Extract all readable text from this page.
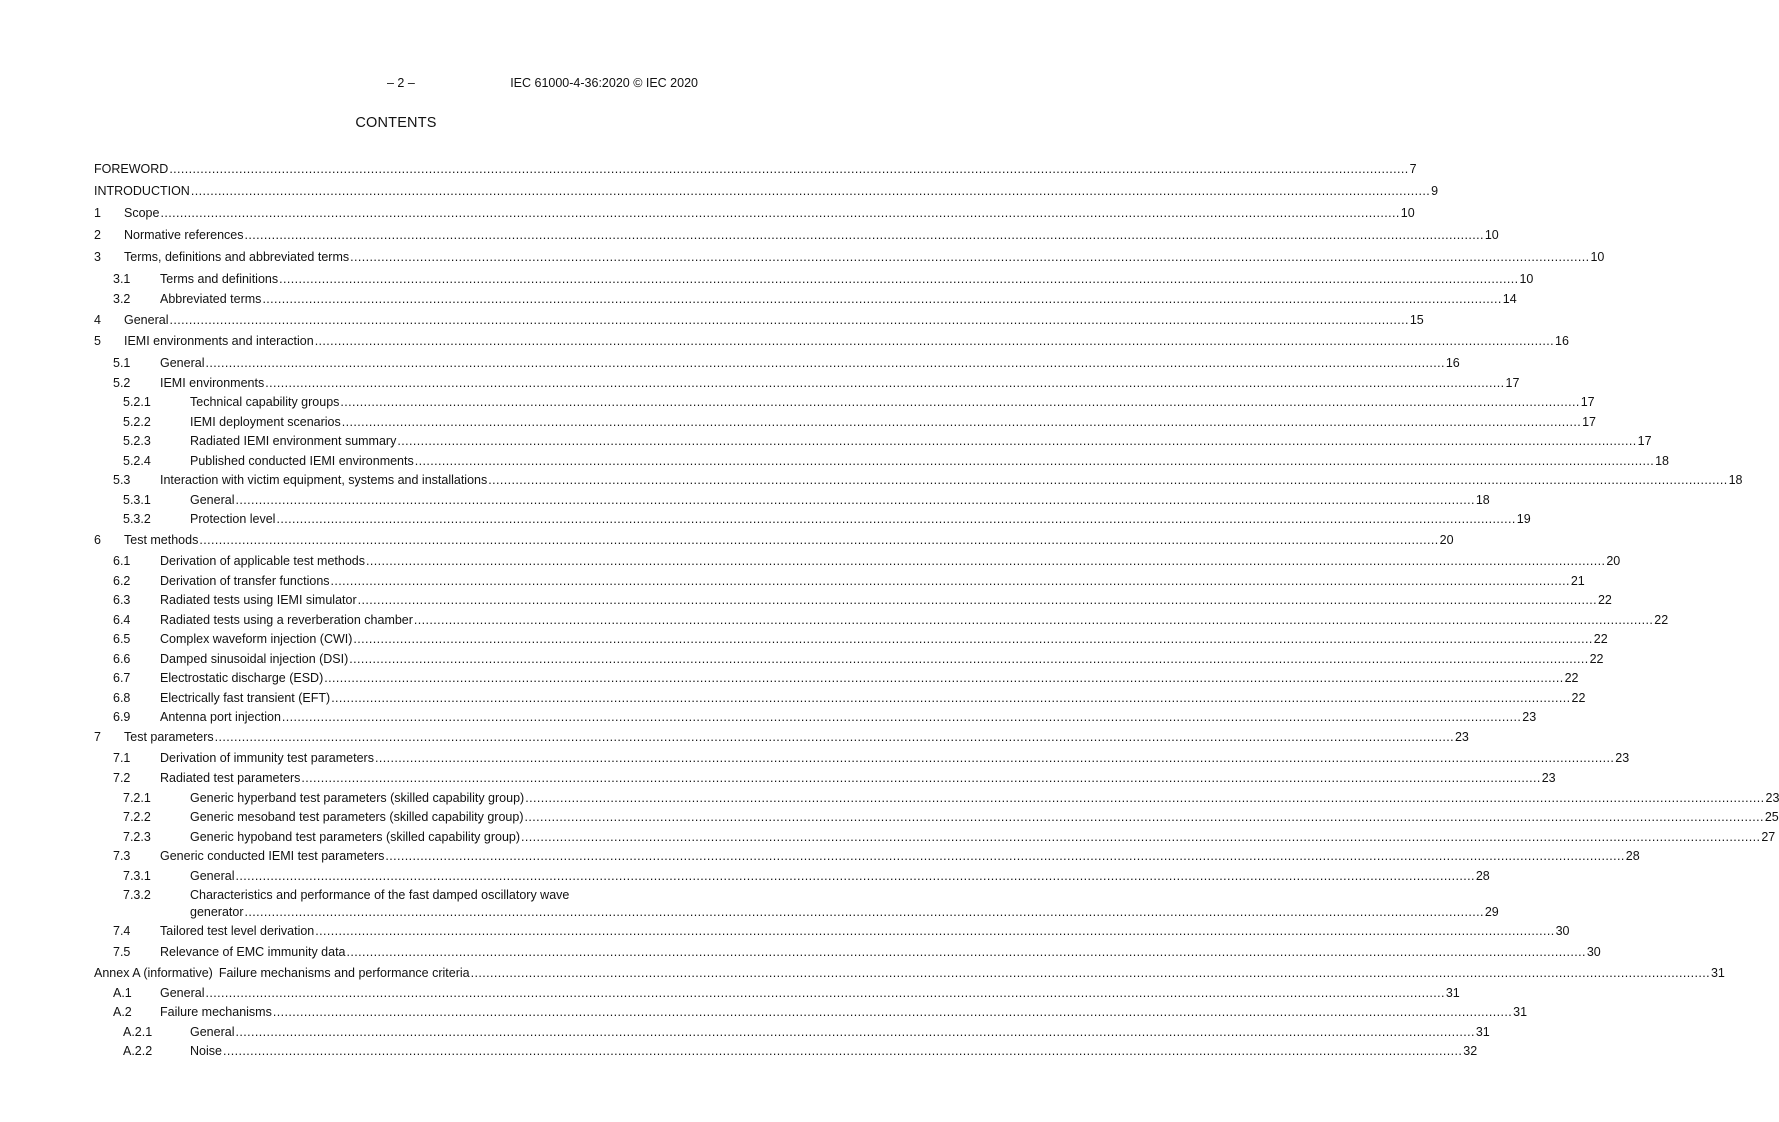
– 2 –	IEC 61000-4-36:2020 © IEC 2020
CONTENTS
FOREWORD .....	7
INTRODUCTION .....	9
1	Scope .....	10
2	Normative references .....	10
3	Terms, definitions and abbreviated terms .....	10
3.1	Terms and definitions .....	10
3.2	Abbreviated terms .....	14
4	General .....	15
5	IEMI environments and interaction .....	16
5.1	General .....	16
5.2	IEMI environments .....	17
5.2.1	Technical capability groups .....	17
5.2.2	IEMI deployment scenarios .....	17
5.2.3	Radiated IEMI environment summary .....	17
5.2.4	Published conducted IEMI environments .....	18
5.3	Interaction with victim equipment, systems and installations .....	18
5.3.1	General .....	18
5.3.2	Protection level .....	19
6	Test methods .....	20
6.1	Derivation of applicable test methods .....	20
6.2	Derivation of transfer functions .....	21
6.3	Radiated tests using IEMI simulator .....	22
6.4	Radiated tests using a reverberation chamber .....	22
6.5	Complex waveform injection (CWI) .....	22
6.6	Damped sinusoidal injection (DSI) .....	22
6.7	Electrostatic discharge (ESD) .....	22
6.8	Electrically fast transient (EFT) .....	22
6.9	Antenna port injection .....	23
7	Test parameters .....	23
7.1	Derivation of immunity test parameters .....	23
7.2	Radiated test parameters .....	23
7.2.1	Generic hyperband test parameters (skilled capability group) .....	23
7.2.2	Generic mesoband test parameters (skilled capability group) .....	25
7.2.3	Generic hypoband test parameters (skilled capability group) .....	27
7.3	Generic conducted IEMI test parameters .....	28
7.3.1	General .....	28
7.3.2	Characteristics and performance of the fast damped oscillatory wave
generator .....	29
7.4	Tailored test level derivation .....	30
7.5	Relevance of EMC immunity data .....	30
Annex A (informative) Failure mechanisms and performance criteria .....	31
A.1	General .....	31
A.2	Failure mechanisms .....	31
A.2.1	General .....	31
A.2.2	Noise .....	32
